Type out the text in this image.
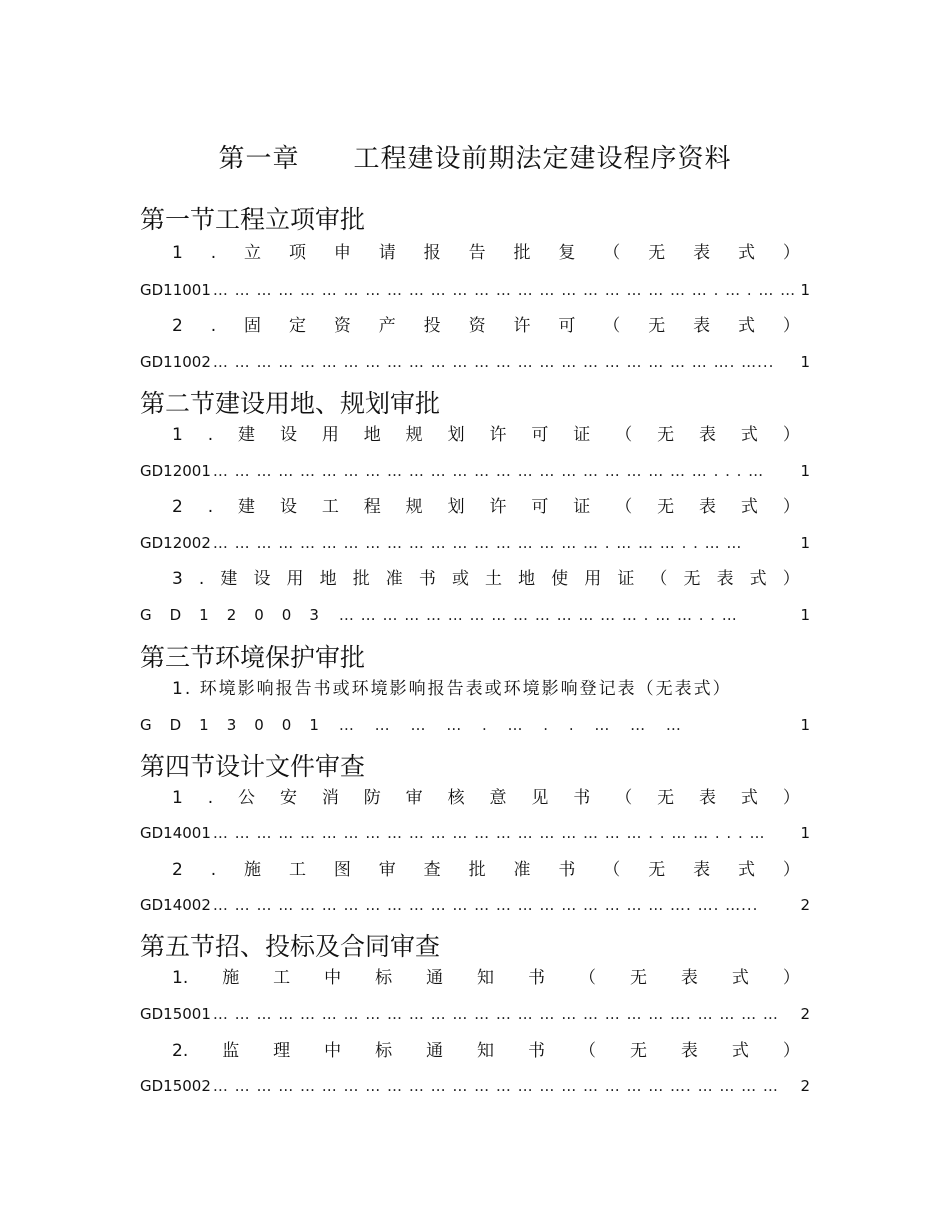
第一章 工程建设前期法定建设程序资料
第一节工程立项审批
1 . 立 项 申 请 报 告 批 复 （ 无 表 式 ）
GD11001 … … … … … … … … … … … … … … … … … … … … … … … . … . … … 1
2 . 固 定 资 产 投 资 许 可 （ 无 表 式 ）
GD11002 … … … … … … … … … … … … … … … … … … … … … … … …. …...	1
第二节建设用地、规划审批
1 . 建 设 用 地 规 划 许 可 证 （ 无 表 式 ）
GD12001 … … … … … … … … … … … … … … … … … … … … … … … . . . …	1
2 . 建 设 工 程 规 划 许 可 证 （ 无 表 式 ）
GD12002 … … … … … … … … … … … … … … … … … … . … … … . . … …	1
3 . 建 设 用 地 批 准 书 或 土 地 使 用 证 （ 无 表 式 ）
GD12003 … … … … … … … … … … … … … … . … … . . …	1
第三节环境保护审批
1. 环境影响报告书或环境影响报告表或环境影响登记表（无表式）
GD13001 … … … … . … . . … … …	1
第四节设计文件审查
1 . 公 安 消 防 审 核 意 见 书 （ 无 表 式 ）
GD14001 … … … … … … … … … … … … … … … … … … … … . . … … . . . …	1
2 . 施 工 图 审 查 批 准 书 （ 无 表 式 ）
GD14002 … … … … … … … … … … … … … … … … … … … … … …. …. …...	2
第五节招、投标及合同审查
1. 施 工 中 标 通 知 书 （ 无 表 式 ）
GD15001 … … … … … … … … … … … … … … … … … … … … … …. … … … …	2
2. 监 理 中 标 通 知 书 （ 无 表 式 ）
GD15002 … … … … … … … … … … … … … … … … … … … … … …. … … … …	2
